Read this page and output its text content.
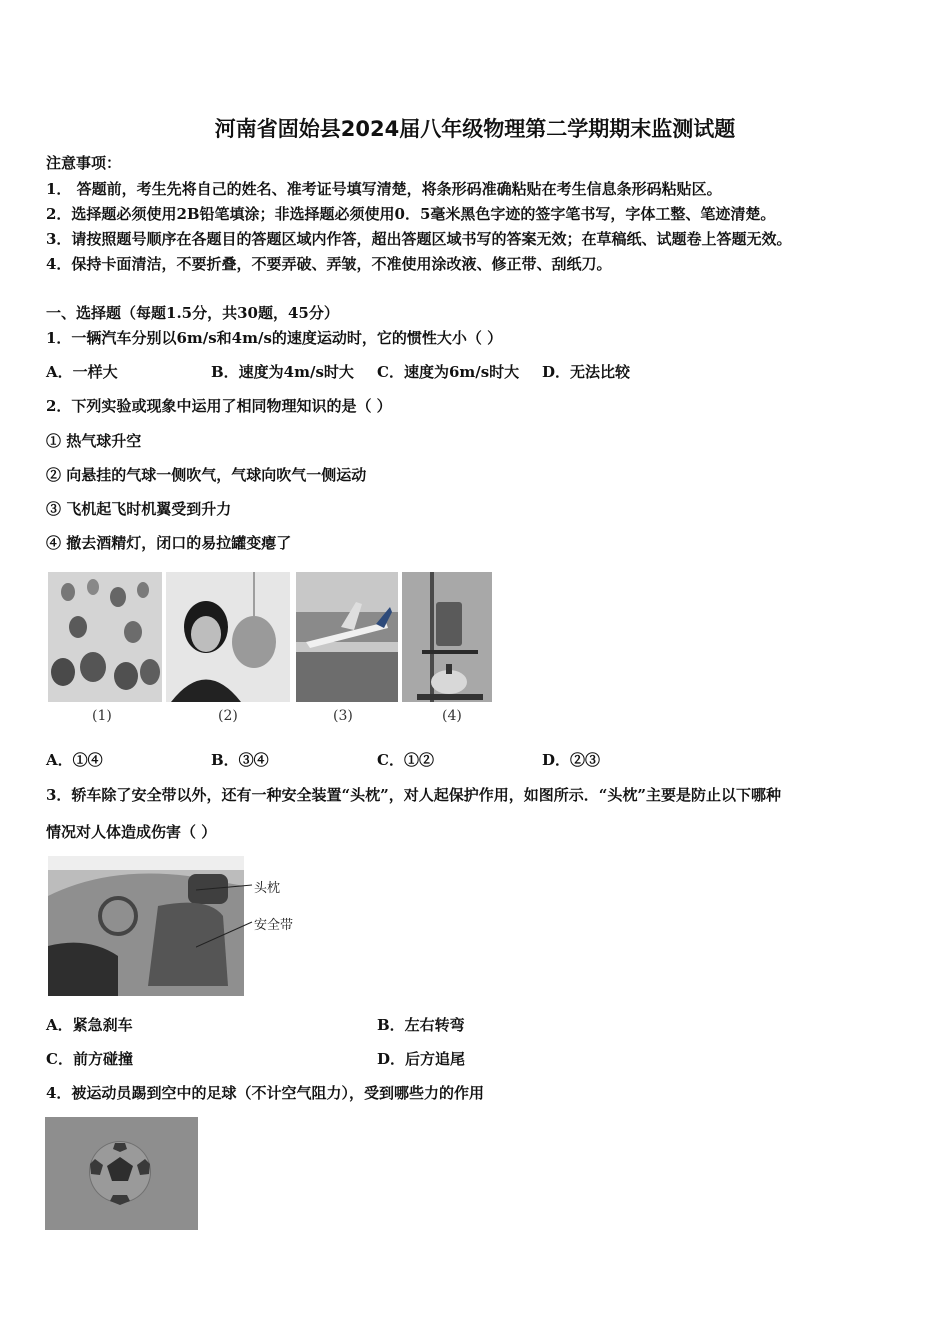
河南省固始县2024届八年级物理第二学期期末监测试题
注意事项：
1． 答题前，考生先将自己的姓名、准考证号填写清楚，将条形码准确粘贴在考生信息条形码粘贴区。
2．选择题必须使用2B铅笔填涂；非选择题必须使用0．5毫米黑色字迹的签字笔书写，字体工整、笔迹清楚。
3．请按照题号顺序在各题目的答题区域内作答，超出答题区域书写的答案无效；在草稿纸、试题卷上答题无效。
4．保持卡面清洁，不要折叠，不要弄破、弄皱，不准使用涂改液、修正带、刮纸刀。
一、选择题（每题1.5分，共30题，45分）
1．一辆汽车分别以6m/s和4m/s的速度运动时，它的惯性大小（ ）
A．一样大	B．速度为4m/s时大 C．速度为6m/s时大 D．无法比较
2．下列实验或现象中运用了相同物理知识的是（ ）
① 热气球升空
② 向悬挂的气球一侧吹气，气球向吹气一侧运动
③ 飞机起飞时机翼受到升力
④ 撤去酒精灯，闭口的易拉罐变瘪了
(1)	(2)	(3)	(4)
A．①④	B．③④	C．①②	D．②③
3．轿车除了安全带以外，还有一种安全装置“头枕”，对人起保护作用，如图所示．“头枕”主要是防止以下哪种
情况对人体造成伤害（ ）
头枕
安全带
A．紧急刹车	B．左右转弯
C．前方碰撞	D．后方追尾
4．被运动员踢到空中的足球（不计空气阻力），受到哪些力的作用
